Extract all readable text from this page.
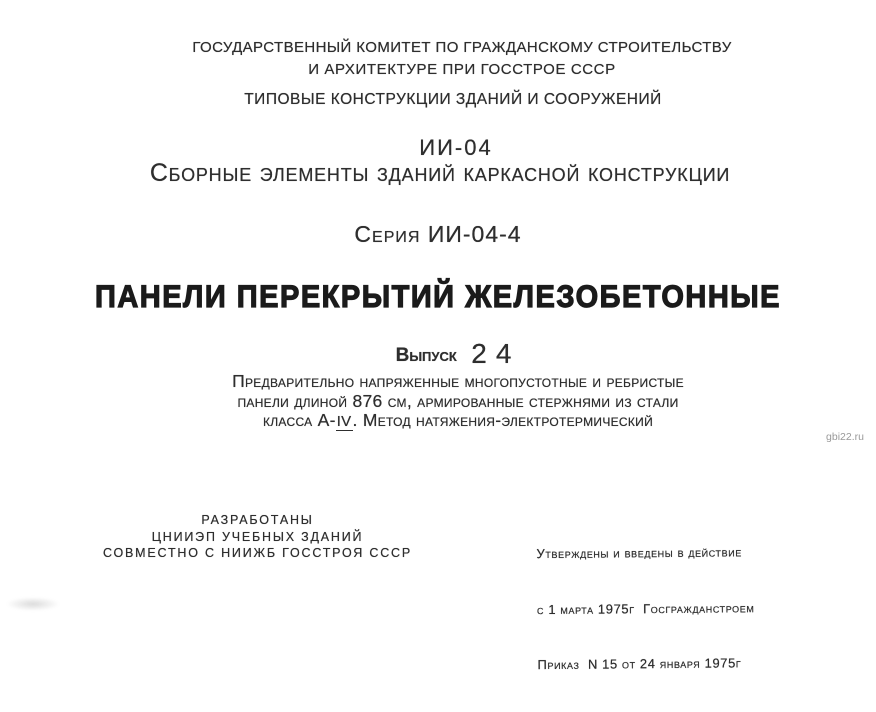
ГОСУДАРСТВЕННЫЙ КОМИТЕТ ПО ГРАЖДАНСКОМУ СТРОИТЕЛЬСТВУ
И АРХИТЕКТУРЕ ПРИ ГОССТРОЕ СССР
ТИПОВЫЕ КОНСТРУКЦИИ ЗДАНИЙ И СООРУЖЕНИЙ
ИИ-04
Сборные элементы зданий каркасной конструкции
Серия ИИ-04-4
ПАНЕЛИ ПЕРЕКРЫТИЙ ЖЕЛЕЗОБЕТОННЫЕ
Выпуск 24
Предварительно напряженные многопустотные и ребристые
панели длиной 876 см, армированные стержнями из стали
класса А-IV. Метод натяжения-электротермический
РАЗРАБОТАНЫ
ЦНИИЭП УЧЕБНЫХ ЗДАНИЙ
СОВМЕСТНО С НИИЖБ ГОССТРОЯ СССР

	Утверждены и введены в действие

с 1 марта 1975г  Госгражданстроем

Приказ  N 15 от 24 января 1975г

gbi22.ru
